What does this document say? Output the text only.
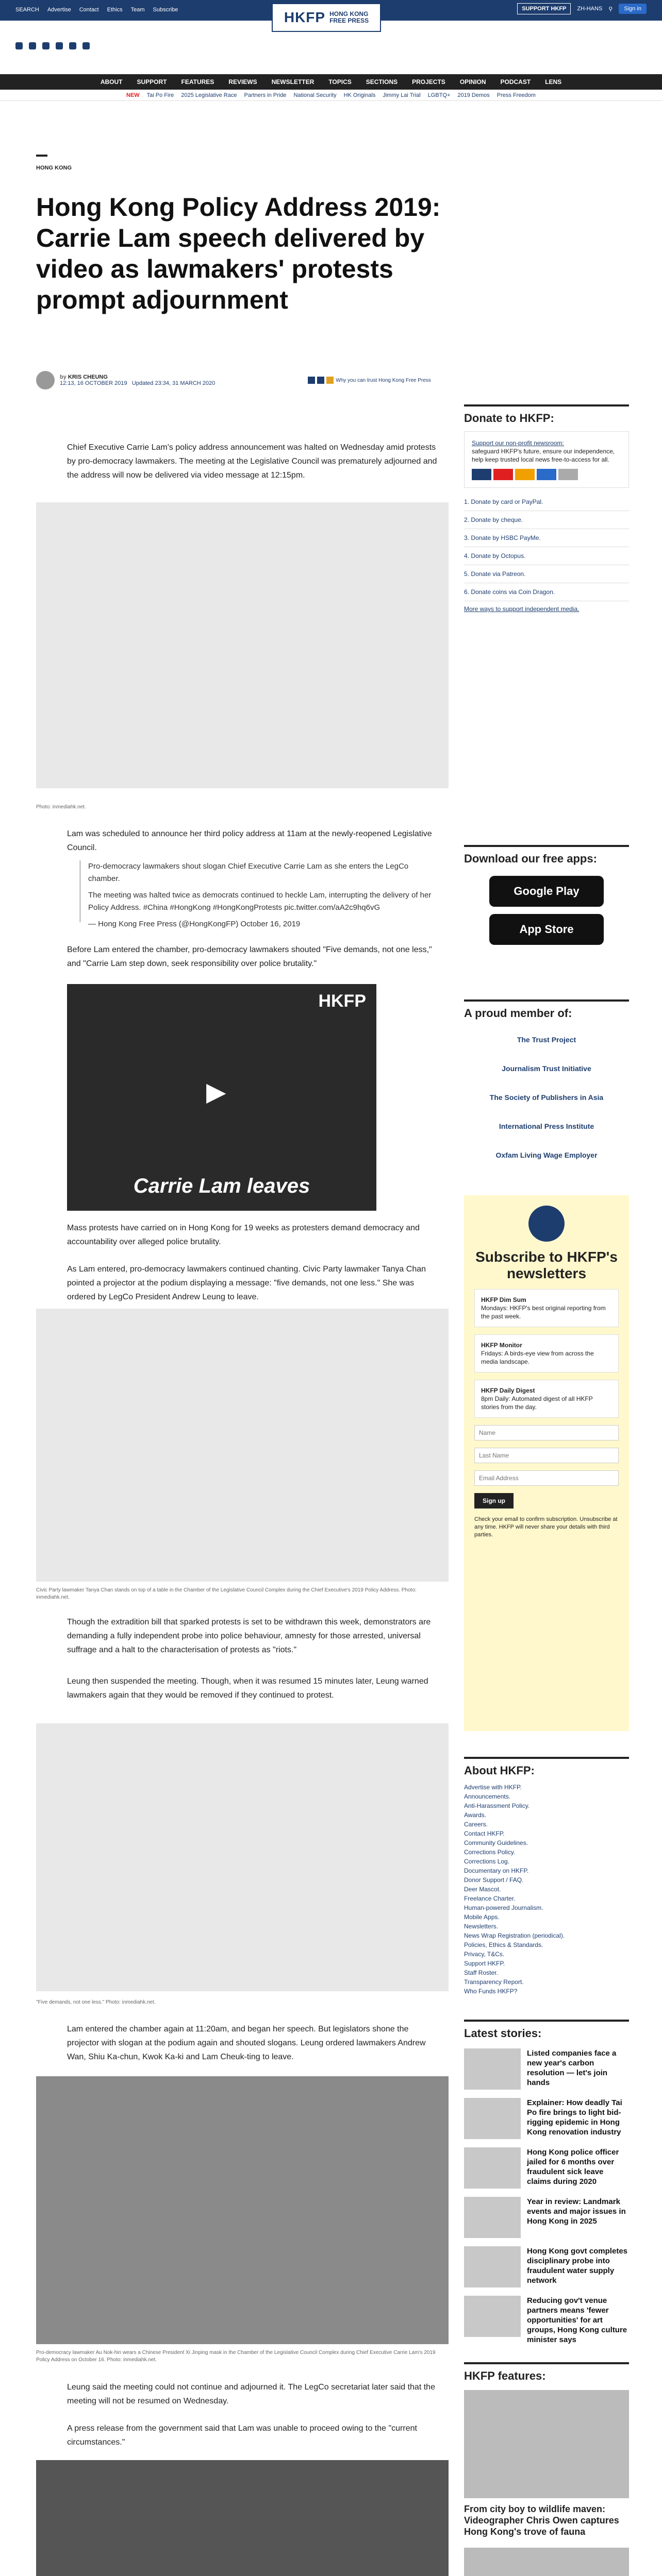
SEARCH Advertise Contact Ethics Team Subscribe	SUPPORT HKFP	ZH-HANS ⚲	Sign in
HKFP HONG KONG
FREE PRESS
ABOUT SUPPORT FEATURES REVIEWS NEWSLETTER TOPICS SECTIONS PROJECTS OPINION PODCAST LENS
NEW Tai Po Fire 2025 Legislative Race Partners in Pride National Security HK Originals Jimmy Lai Trial LGBTQ+ 2019 Demos Press Freedom
HONG KONG
Hong Kong Policy Address 2019: Carrie Lam speech delivered by video as lawmakers' protests prompt adjournment
by KRIS CHEUNG
12:13, 16 OCTOBER 2019 Updated 23:34, 31 MARCH 2020	Why you can trust Hong Kong Free Press

Chief Executive Carrie Lam's policy address announcement was halted on Wednesday amid protests by pro-democracy lawmakers. The meeting at the Legislative Council was prematurely adjourned and the address will now be delivered via video message at 12:15pm.

Photo: inmediahk.net.

Lam was scheduled to announce her third policy address at 11am at the newly-reopened Legislative Council.

Pro-democracy lawmakers shout slogan Chief Executive Carrie Lam as she enters the LegCo chamber.

The meeting was halted twice as democrats continued to heckle Lam, interrupting the delivery of her Policy Address. #China #HongKong #HongKongProtests pic.twitter.com/aA2c9hq6vG

— Hong Kong Free Press (@HongKongFP) October 16, 2019

Before Lam entered the chamber, pro-democracy lawmakers shouted "Five demands, not one less," and "Carrie Lam step down, seek responsibility over police brutality."

HKFP
Carrie Lam leaves
▶

Mass protests have carried on in Hong Kong for 19 weeks as protesters demand democracy and accountability over alleged police brutality.

As Lam entered, pro-democracy lawmakers continued chanting. Civic Party lawmaker Tanya Chan pointed a projector at the podium displaying a message: "five demands, not one less." She was ordered by LegCo President Andrew Leung to leave.

Civic Party lawmaker Tanya Chan stands on top of a table in the Chamber of the Legislative Council Complex during the Chief Executive's 2019 Policy Address. Photo: inmediahk.net.

Though the extradition bill that sparked protests is set to be withdrawn this week, demonstrators are demanding a fully independent probe into police behaviour, amnesty for those arrested, universal suffrage and a halt to the characterisation of protests as "riots."

Leung then suspended the meeting. Though, when it was resumed 15 minutes later, Leung warned lawmakers again that they would be removed if they continued to protest.

"Five demands, not one less." Photo: inmediahk.net.

Lam entered the chamber again at 11:20am, and began her speech. But legislators shone the projector with slogan at the podium again and shouted slogans. Leung ordered lawmakers Andrew Wan, Shiu Ka-chun, Kwok Ka-ki and Lam Cheuk-ting to leave.

Pro-democracy lawmaker Au Nok-hin wears a Chinese President Xi Jinping mask in the Chamber of the Legislative Council Complex during Chief Executive Carrie Lam's 2019 Policy Address on October 16. Photo: inmediahk.net.

Leung said the meeting could not continue and adjourned it. The LegCo secretariat later said that the meeting will not be resumed on Wednesday.

A press release from the government said that Lam was unable to proceed owing to the "current circumstances."

Donate to HKFP:
Support our non-profit newsroom:

safeguard HKFP's future, ensure our independence, help keep trusted local news free-to-access for all.

1. Donate by card or PayPal.
2. Donate by cheque.
3. Donate by HSBC PayMe.
4. Donate by Octopus.
5. Donate via Patreon.
6. Donate coins via Coin Dragon.
More ways to support independent media.
Download our free apps:
Google Play
App Store
A proud member of:
The Trust Project
Journalism Trust Initiative
The Society of Publishers in Asia
International Press Institute
Oxfam Living Wage Employer
Subscribe to HKFP's newsletters
HKFP Dim Sum
Mondays: HKFP's best original reporting from the past week.
HKFP Monitor
Fridays: A birds-eye view from across the media landscape.
HKFP Daily Digest
8pm Daily: Automated digest of all HKFP stories from the day.
Name Last Name Email Address Sign up

Check your email to confirm subscription. Unsubscribe at any time. HKFP will never share your details with third parties.

About HKFP:
Advertise with HKFP.
Announcements.
Anti-Harassment Policy.
Awards.
Careers.
Contact HKFP.
Community Guidelines.
Corrections Policy.
Corrections Log.
Documentary on HKFP.
Donor Support / FAQ.
Deer Mascot.
Freelance Charter.
Human-powered Journalism.
Mobile Apps.
Newsletters.
News Wrap Registration (periodical).
Policies, Ethics & Standards.
Privacy, T&Cs.
Support HKFP.
Staff Roster.
Transparency Report.
Who Funds HKFP?
Latest stories:
Listed companies face a new year's carbon resolution — let's join hands
Explainer: How deadly Tai Po fire brings to light bid-rigging epidemic in Hong Kong renovation industry
Hong Kong police officer jailed for 6 months over fraudulent sick leave claims during 2020
Year in review: Landmark events and major issues in Hong Kong in 2025
Hong Kong govt completes disciplinary probe into fraudulent water supply network
Reducing gov't venue partners means 'fewer opportunities' for art groups, Hong Kong culture minister says
HKFP features:
From city boy to wildlife maven: Videographer Chris Owen captures Hong Kong's trove of fauna
